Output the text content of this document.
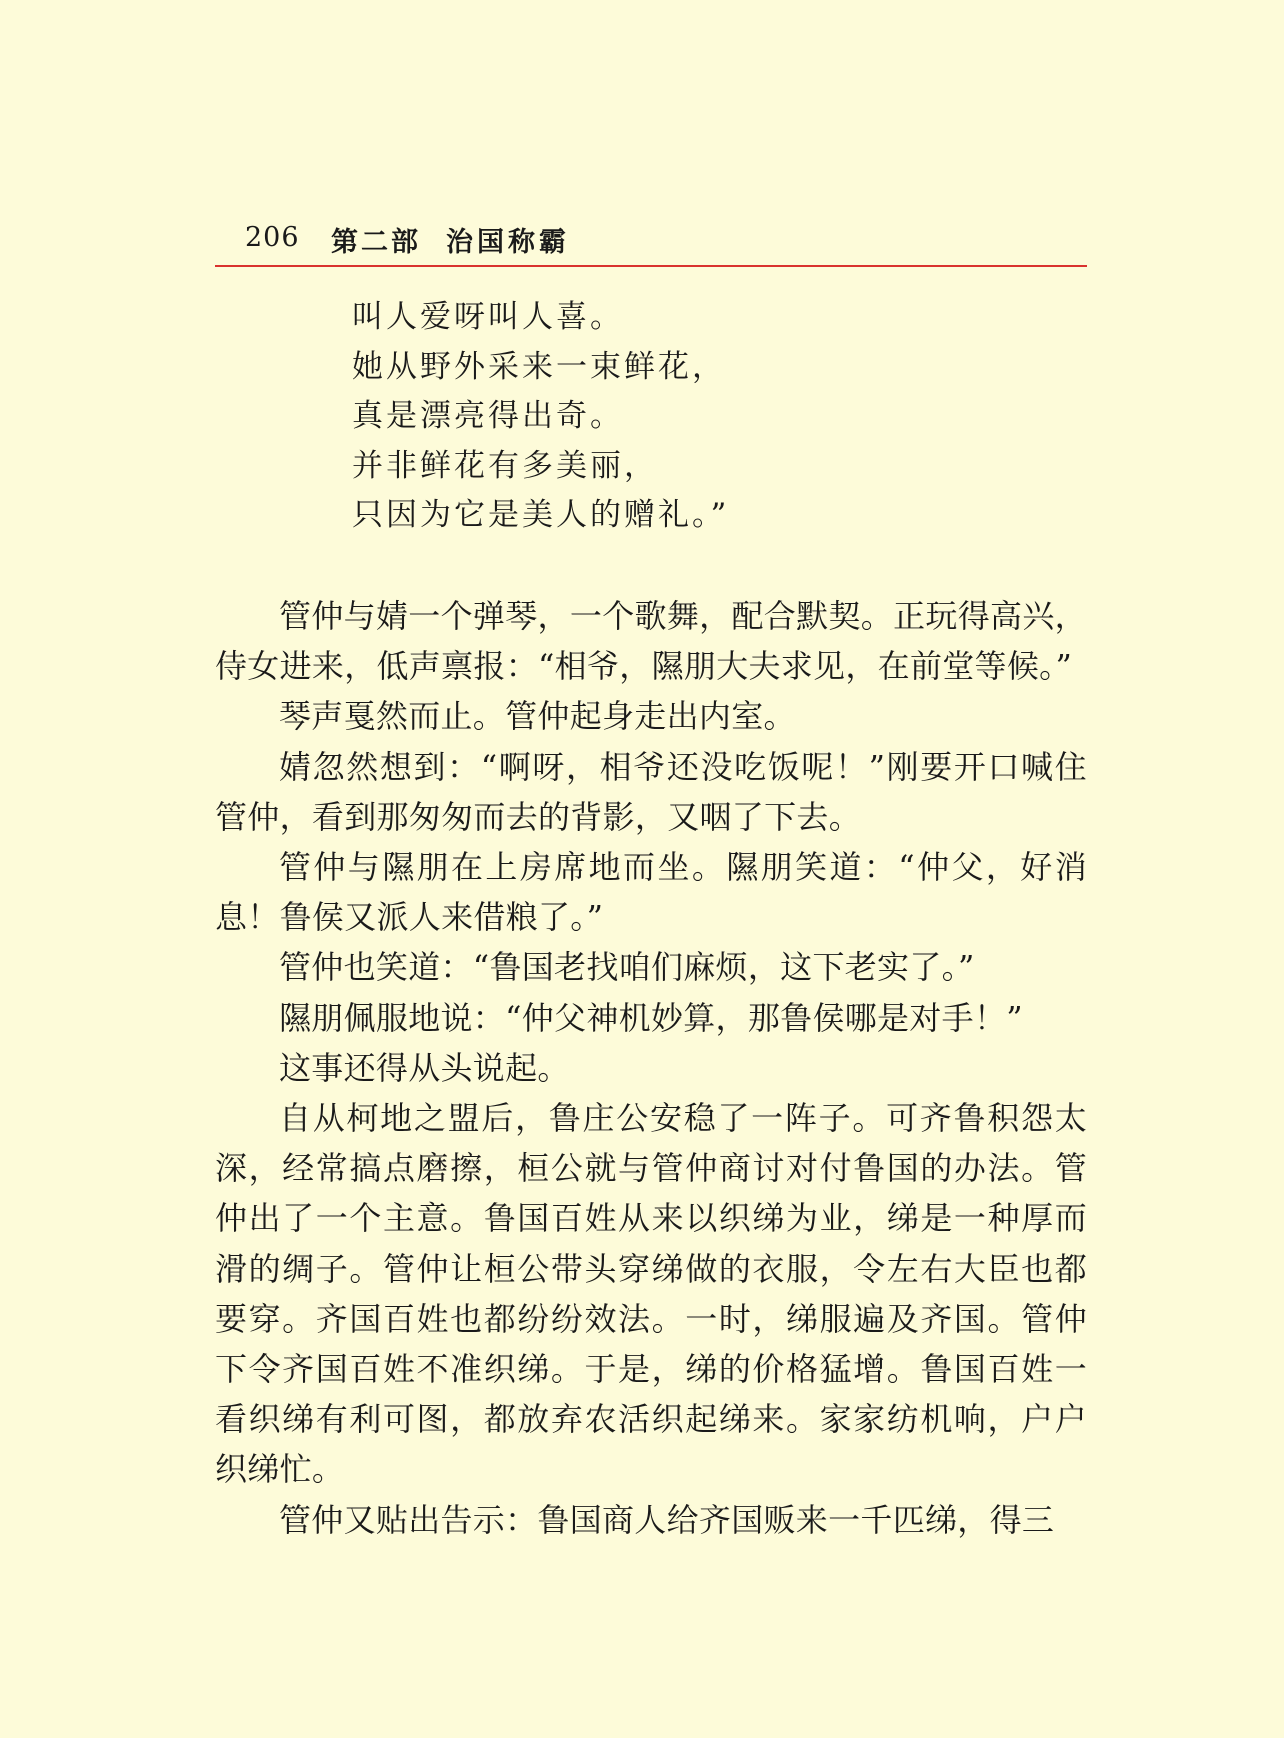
206 第二部 治国称霸
叫人爱呀叫人喜。
她从野外采来一束鲜花，
真是漂亮得出奇。
并非鲜花有多美丽，
只因为它是美人的赠礼。”

管仲与婧一个弹琴，一个歌舞，配合默契。正玩得高兴，侍女进来，低声禀报：“相爷，隰朋大夫求见，在前堂等候。”

琴声戛然而止。管仲起身走出内室。

婧忽然想到：“啊呀，相爷还没吃饭呢！”刚要开口喊住管仲，看到那匆匆而去的背影，又咽了下去。

管仲与隰朋在上房席地而坐。隰朋笑道：“仲父，好消息！鲁侯又派人来借粮了。”

管仲也笑道：“鲁国老找咱们麻烦，这下老实了。”

隰朋佩服地说：“仲父神机妙算，那鲁侯哪是对手！”

这事还得从头说起。

自从柯地之盟后，鲁庄公安稳了一阵子。可齐鲁积怨太深，经常搞点磨擦，桓公就与管仲商讨对付鲁国的办法。管仲出了一个主意。鲁国百姓从来以织绨为业，绨是一种厚而滑的绸子。管仲让桓公带头穿绨做的衣服，令左右大臣也都要穿。齐国百姓也都纷纷效法。一时，绨服遍及齐国。管仲下令齐国百姓不准织绨。于是，绨的价格猛增。鲁国百姓一看织绨有利可图，都放弃农活织起绨来。家家纺机响，户户织绨忙。

管仲又贴出告示：鲁国商人给齐国贩来一千匹绨，得三
